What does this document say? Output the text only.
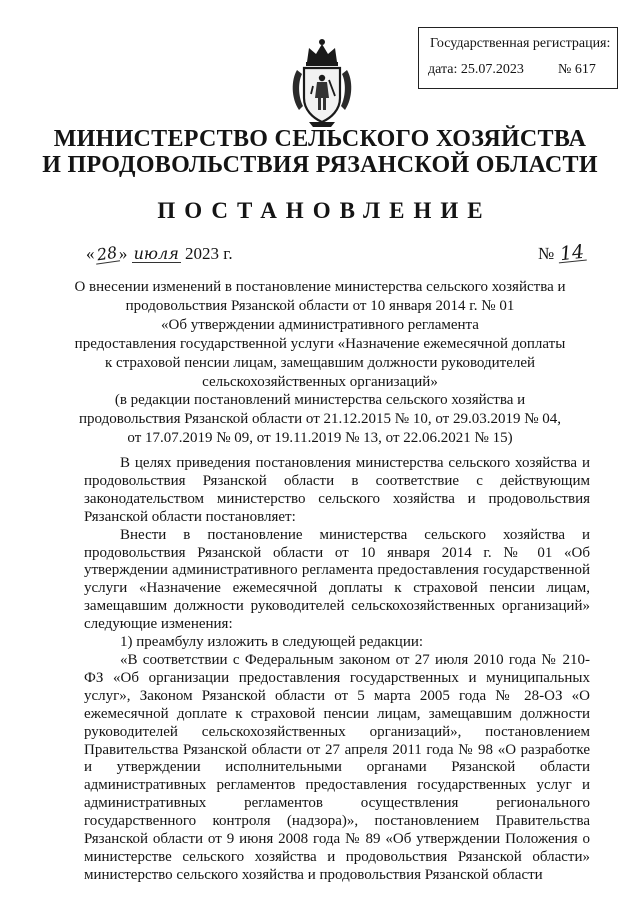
Государственная регистрация:
дата: 25.07.2023 № 617
МИНИСТЕРСТВО СЕЛЬСКОГО ХОЗЯЙСТВА
И ПРОДОВОЛЬСТВИЯ РЯЗАНСКОЙ ОБЛАСТИ
ПОСТАНОВЛЕНИЕ
«28» июля 2023 г.	№ 14
О внесении изменений в постановление министерства сельского хозяйства и
продовольствия Рязанской области от 10 января 2014 г. № 01
«Об утверждении административного регламента
предоставления государственной услуги «Назначение ежемесячной доплаты
к страховой пенсии лицам, замещавшим должности руководителей
сельскохозяйственных организаций»
(в редакции постановлений министерства сельского хозяйства и
продовольствия Рязанской области от 21.12.2015 № 10, от 29.03.2019 № 04,
от 17.07.2019 № 09, от 19.11.2019 № 13, от 22.06.2021 № 15)
В целях приведения постановления министерства сельского хозяйства и продовольствия Рязанской области в соответствие с действующим законодательством министерство сельского хозяйства и продовольствия Рязанской области постановляет:
Внести в постановление министерства сельского хозяйства и продовольствия Рязанской области от 10 января 2014 г. № 01 «Об утверждении административного регламента предоставления государственной услуги «Назначение ежемесячной доплаты к страховой пенсии лицам, замещавшим должности руководителей сельскохозяйственных организаций» следующие изменения:
1) преамбулу изложить в следующей редакции:
«В соответствии с Федеральным законом от 27 июля 2010 года № 210-ФЗ «Об организации предоставления государственных и муниципальных услуг», Законом Рязанской области от 5 марта 2005 года № 28-ОЗ «О ежемесячной доплате к страховой пенсии лицам, замещавшим должности руководителей сельскохозяйственных организаций», постановлением Правительства Рязанской области от 27 апреля 2011 года № 98 «О разработке и утверждении исполнительными органами Рязанской области административных регламентов предоставления государственных услуг и административных регламентов осуществления регионального государственного контроля (надзора)», постановлением Правительства Рязанской области от 9 июня 2008 года № 89 «Об утверждении Положения о министерстве сельского хозяйства и продовольствия Рязанской области» министерство сельского хозяйства и продовольствия Рязанской области
